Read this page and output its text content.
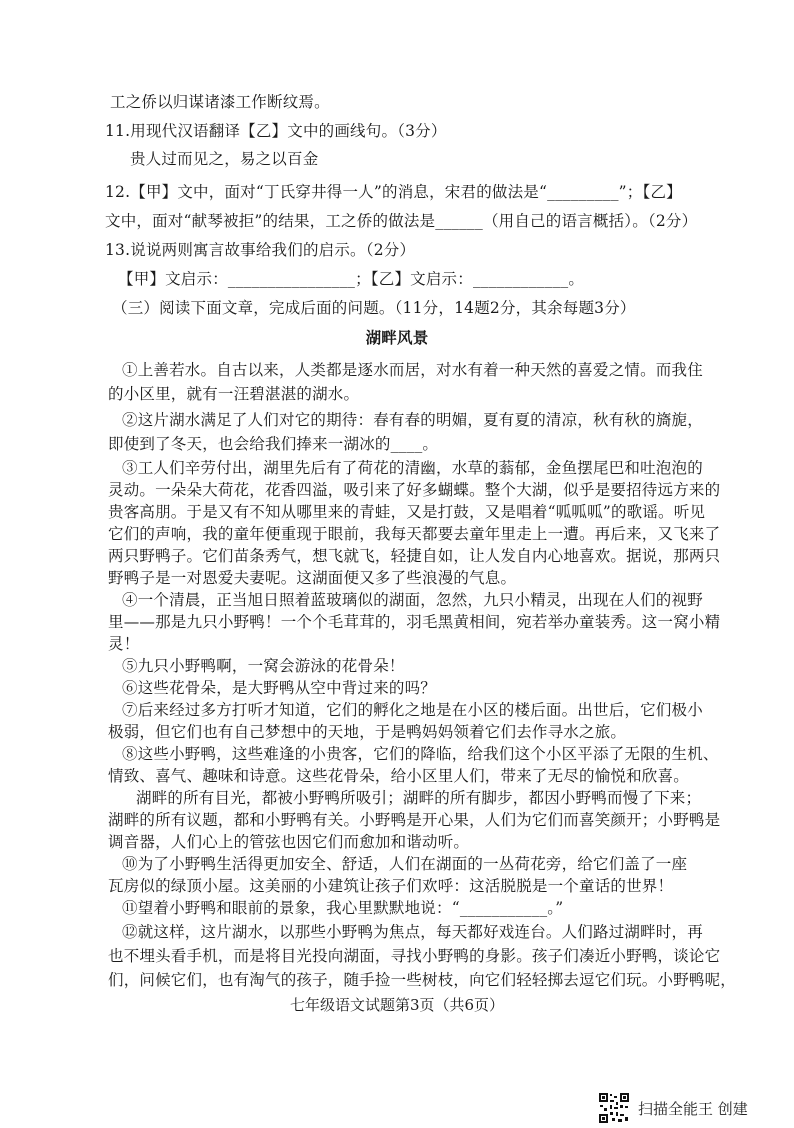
工之侨以归谋诸漆工作断纹焉。
11.用现代汉语翻译【乙】文中的画线句。（3分）
贵人过而见之，易之以百金
12.【甲】文中，面对“丁氏穿井得一人”的消息，宋君的做法是“_________”；【乙】
文中，面对“献琴被拒”的结果，工之侨的做法是______（用自己的语言概括）。（2分）
13.说说两则寓言故事给我们的启示。（2分）
【甲】文启示：________________；【乙】文启示：____________。
（三）阅读下面文章，完成后面的问题。（11分，14题2分，其余每题3分）
湖畔风景
①上善若水。自古以来，人类都是逐水而居，对水有着一种天然的喜爱之情。而我住
的小区里，就有一汪碧湛湛的湖水。
②这片湖水满足了人们对它的期待：春有春的明媚，夏有夏的清凉，秋有秋的旖旎，
即使到了冬天，也会给我们捧来一湖冰的____。
③工人们辛劳付出，湖里先后有了荷花的清幽，水草的蓊郁，金鱼摆尾巴和吐泡泡的
灵动。一朵朵大荷花，花香四溢，吸引来了好多蝴蝶。整个大湖，似乎是要招待远方来的
贵客高朋。于是又有不知从哪里来的青蛙，又是打鼓，又是唱着“呱呱呱”的歌谣。听见
它们的声响，我的童年便重现于眼前，我每天都要去童年里走上一遭。再后来，又飞来了
两只野鸭子。它们苗条秀气，想飞就飞，轻捷自如，让人发自内心地喜欢。据说，那两只
野鸭子是一对恩爱夫妻呢。这湖面便又多了些浪漫的气息。
④一个清晨，正当旭日照着蓝玻璃似的湖面，忽然，九只小精灵，出现在人们的视野
里——那是九只小野鸭！一个个毛茸茸的，羽毛黑黄相间，宛若举办童装秀。这一窝小精
灵！
⑤九只小野鸭啊，一窝会游泳的花骨朵！
⑥这些花骨朵，是大野鸭从空中背过来的吗？
⑦后来经过多方打听才知道，它们的孵化之地是在小区的楼后面。出世后，它们极小
极弱，但它们也有自己梦想中的天地，于是鸭妈妈领着它们去作寻水之旅。
⑧这些小野鸭，这些难逢的小贵客，它们的降临，给我们这个小区平添了无限的生机、
情致、喜气、趣味和诗意。这些花骨朵，给小区里人们，带来了无尽的愉悦和欣喜。
湖畔的所有目光，都被小野鸭所吸引；湖畔的所有脚步，都因小野鸭而慢了下来；
湖畔的所有议题，都和小野鸭有关。小野鸭是开心果，人们为它们而喜笑颜开；小野鸭是
调音器，人们心上的管弦也因它们而愈加和谐动听。
⑩为了小野鸭生活得更加安全、舒适，人们在湖面的一丛荷花旁，给它们盖了一座
瓦房似的绿顶小屋。这美丽的小建筑让孩子们欢呼：这活脱脱是一个童话的世界！
⑪望着小野鸭和眼前的景象，我心里默默地说：“___________。”
⑫就这样，这片湖水，以那些小野鸭为焦点，每天都好戏连台。人们路过湖畔时，再
也不埋头看手机，而是将目光投向湖面，寻找小野鸭的身影。孩子们凑近小野鸭，谈论它
们，问候它们，也有淘气的孩子，随手捡一些树枝，向它们轻轻掷去逗它们玩。小野鸭呢，
七年级语文试题第3页（共6页）
扫描全能王 创建
